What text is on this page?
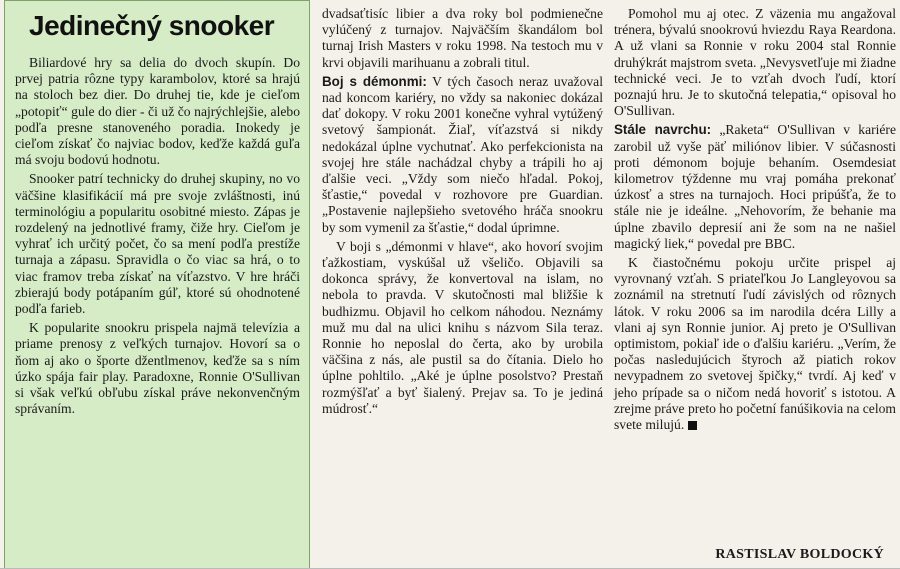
Jedinečný snooker

Biliardové hry sa delia do dvoch skupín. Do prvej patria rôzne typy karambolov, ktoré sa hrajú na stoloch bez dier. Do druhej tie, kde je cieľom „potopiť“ gule do dier - či už čo najrýchlejšie, alebo podľa presne stanoveného poradia. Inokedy je cieľom získať čo najviac bodov, keďže každá guľa má svoju bodovú hodnotu.

Snooker patrí technicky do druhej skupiny, no vo väčšine klasifikácií má pre svoje zvláštnosti, inú terminológiu a popularitu osobitné miesto. Zápas je rozdelený na jednotlivé framy, čiže hry. Cieľom je vyhrať ich určitý počet, čo sa mení podľa prestíže turnaja a zápasu. Spravidla o čo viac sa hrá, o to viac framov treba získať na víťazstvo. V hre hráči zbierajú body potápaním gúľ, ktoré sú ohodnotené podľa farieb.

K popularite snookru prispela najmä televízia a priame prenosy z veľkých turnajov. Hovorí sa o ňom aj ako o športe džentlmenov, keďže sa s ním úzko spája fair play. Paradoxne, Ronnie O'Sullivan si však veľkú obľubu získal práve nekonvenčným správaním.

dvadsaťtisíc libier a dva roky bol podmienečne vylúčený z turnajov. Najväčším škandálom bol turnaj Irish Masters v roku 1998. Na testoch mu v krvi objavili marihuanu a zobrali titul.

Boj s démonmi: V tých časoch neraz uvažoval nad koncom kariéry, no vždy sa nakoniec dokázal dať dokopy. V roku 2001 konečne vyhral vytúžený svetový šampionát. Žiaľ, víťazstvá si nikdy nedokázal úplne vychutnať. Ako perfekcionista na svojej hre stále nachádzal chyby a trápili ho aj ďalšie veci. „Vždy som niečo hľadal. Pokoj, šťastie,“ povedal v rozhovore pre Guardian. „Postavenie najlepšieho svetového hráča snookru by som vymenil za šťastie,“ dodal úprimne.

V boji s „démonmi v hlave“, ako hovorí svojim ťažkostiam, vyskúšal už všeličo. Objavili sa dokonca správy, že konvertoval na islam, no nebola to pravda. V skutočnosti mal bližšie k budhizmu. Objavil ho celkom náhodou. Neznámy muž mu dal na ulici knihu s názvom Sila teraz. Ronnie ho neposlal do čerta, ako by urobila väčšina z nás, ale pustil sa do čítania. Dielo ho úplne pohltilo. „Aké je úplne posolstvo? Prestaň rozmýšľať a byť šialený. Prejav sa. To je jediná múdrosť.“

Pomohol mu aj otec. Z väzenia mu angažoval trénera, bývalú snookrovú hviezdu Raya Reardona. A už vlani sa Ronnie v roku 2004 stal Ronnie druhýkrát majstrom sveta. „Nevysvetľuje mi žiadne technické veci. Je to vzťah dvoch ľudí, ktorí poznajú hru. Je to skutočná telepatia,“ opisoval ho O'Sullivan.

Stále navrchu: „Raketa“ O'Sullivan v kariére zarobil už vyše päť miliónov libier. V súčasnosti proti démonom bojuje behaním. Osemdesiat kilometrov týždenne mu vraj pomáha prekonať úzkosť a stres na turnajoch. Hoci pripúšťa, že to stále nie je ideálne. „Nehovorím, že behanie ma úplne zbavilo depresií ani že som na ne našiel magický liek,“ povedal pre BBC.

K čiastočnému pokoju určite prispel aj vyrovnaný vzťah. S priateľkou Jo Langleyovou sa zoznámil na stretnutí ľudí závislých od rôznych látok. V roku 2006 sa im narodila dcéra Lilly a vlani aj syn Ronnie junior. Aj preto je O'Sullivan optimistom, pokiaľ ide o ďalšiu kariéru. „Verím, že počas nasledujúcich štyroch až piatich rokov nevypadnem zo svetovej špičky,“ tvrdí. Aj keď v jeho prípade sa o ničom nedá hovoriť s istotou. A zrejme práve preto ho početní fanúšikovia na celom svete milujú.

RASTISLAV BOLDOCKÝ
